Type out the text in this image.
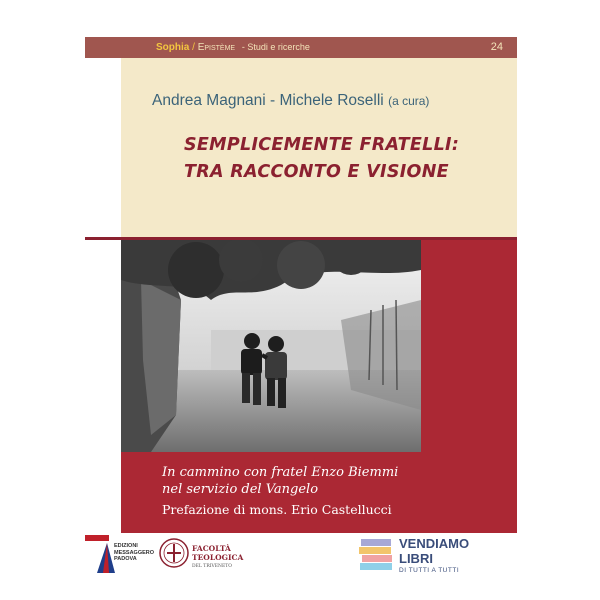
Sophia / Epistème - Studi e ricerche	24
Andrea Magnani - Michele Roselli (a cura)
SEMPLICEMENTE FRATELLI:
TRA RACCONTO E VISIONE
In cammino con fratel Enzo Biemmi
nel servizio del Vangelo
Prefazione di mons. Erio Castellucci
EDIZIONI
MESSAGGERO
PADOVA
FACOLTÀ
TEOLOGICA
DEL TRIVENETO
VENDIAMO
LIBRI
DI TUTTI A TUTTI
